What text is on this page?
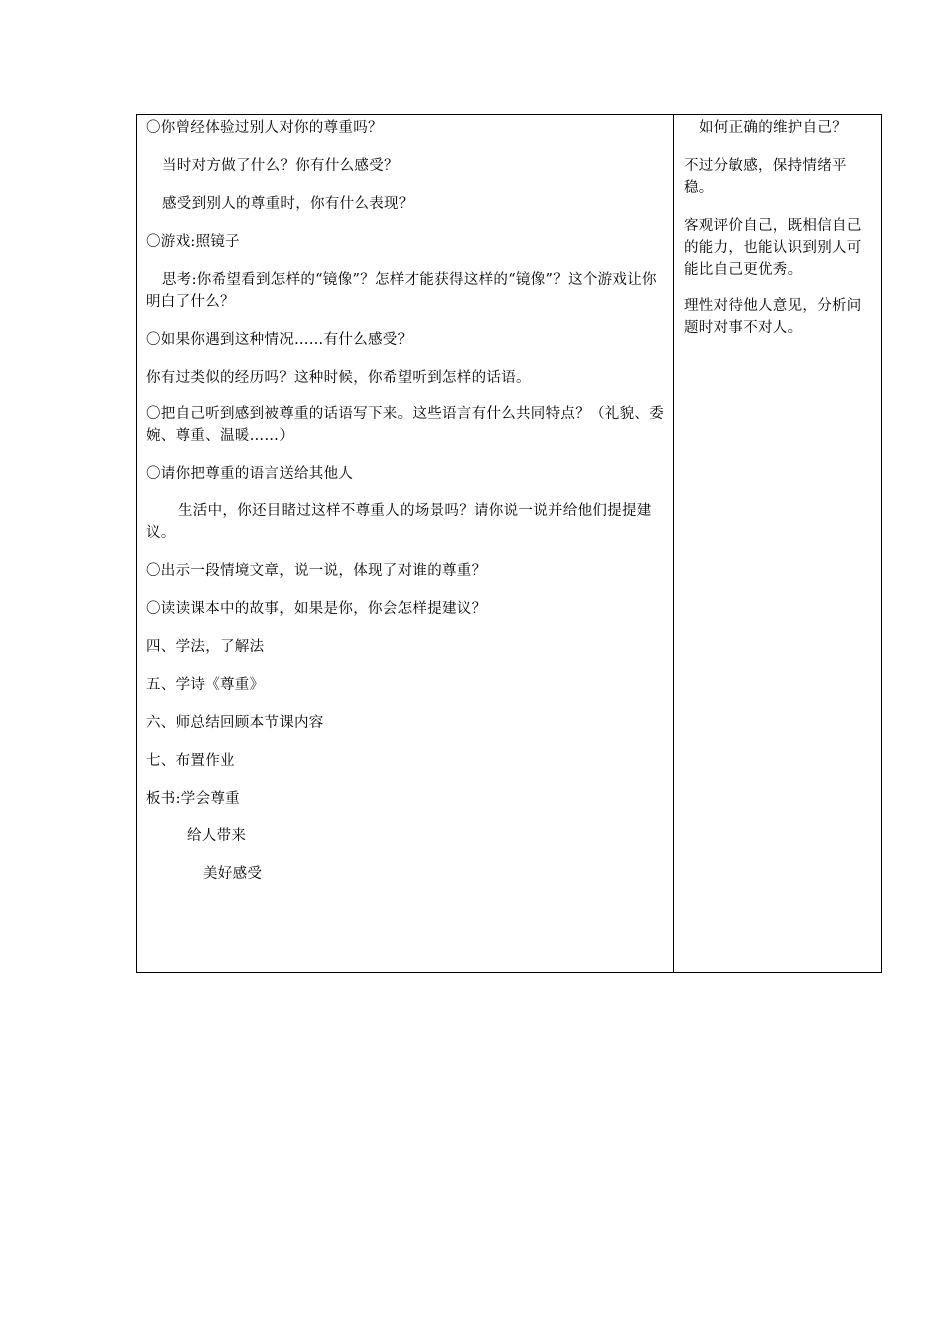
〇你曾经体验过别人对你的尊重吗？
当时对方做了什么？你有什么感受？
感受到别人的尊重时，你有什么表现？
〇游戏:照镜子
思考:你希望看到怎样的“镜像”？怎样才能获得这样的“镜像”？这个游戏让你明白了什么？
〇如果你遇到这种情况……有什么感受？
你有过类似的经历吗？这种时候，你希望听到怎样的话语。
〇把自己听到感到被尊重的话语写下来。这些语言有什么共同特点？（礼貌、委婉、尊重、温暖……）
〇请你把尊重的语言送给其他人
生活中，你还目睹过这样不尊重人的场景吗？请你说一说并给他们提提建议。
〇出示一段情境文章，说一说，体现了对谁的尊重？
〇读读课本中的故事，如果是你，你会怎样提建议？
四、学法，了解法
五、学诗《尊重》
六、师总结回顾本节课内容
七、布置作业
板书:学会尊重
给人带来
美好感受
如何正确的维护自己？
不过分敏感，保持情绪平稳。
客观评价自己，既相信自己的能力，也能认识到别人可能比自己更优秀。
理性对待他人意见，分析问题时对事不对人。
